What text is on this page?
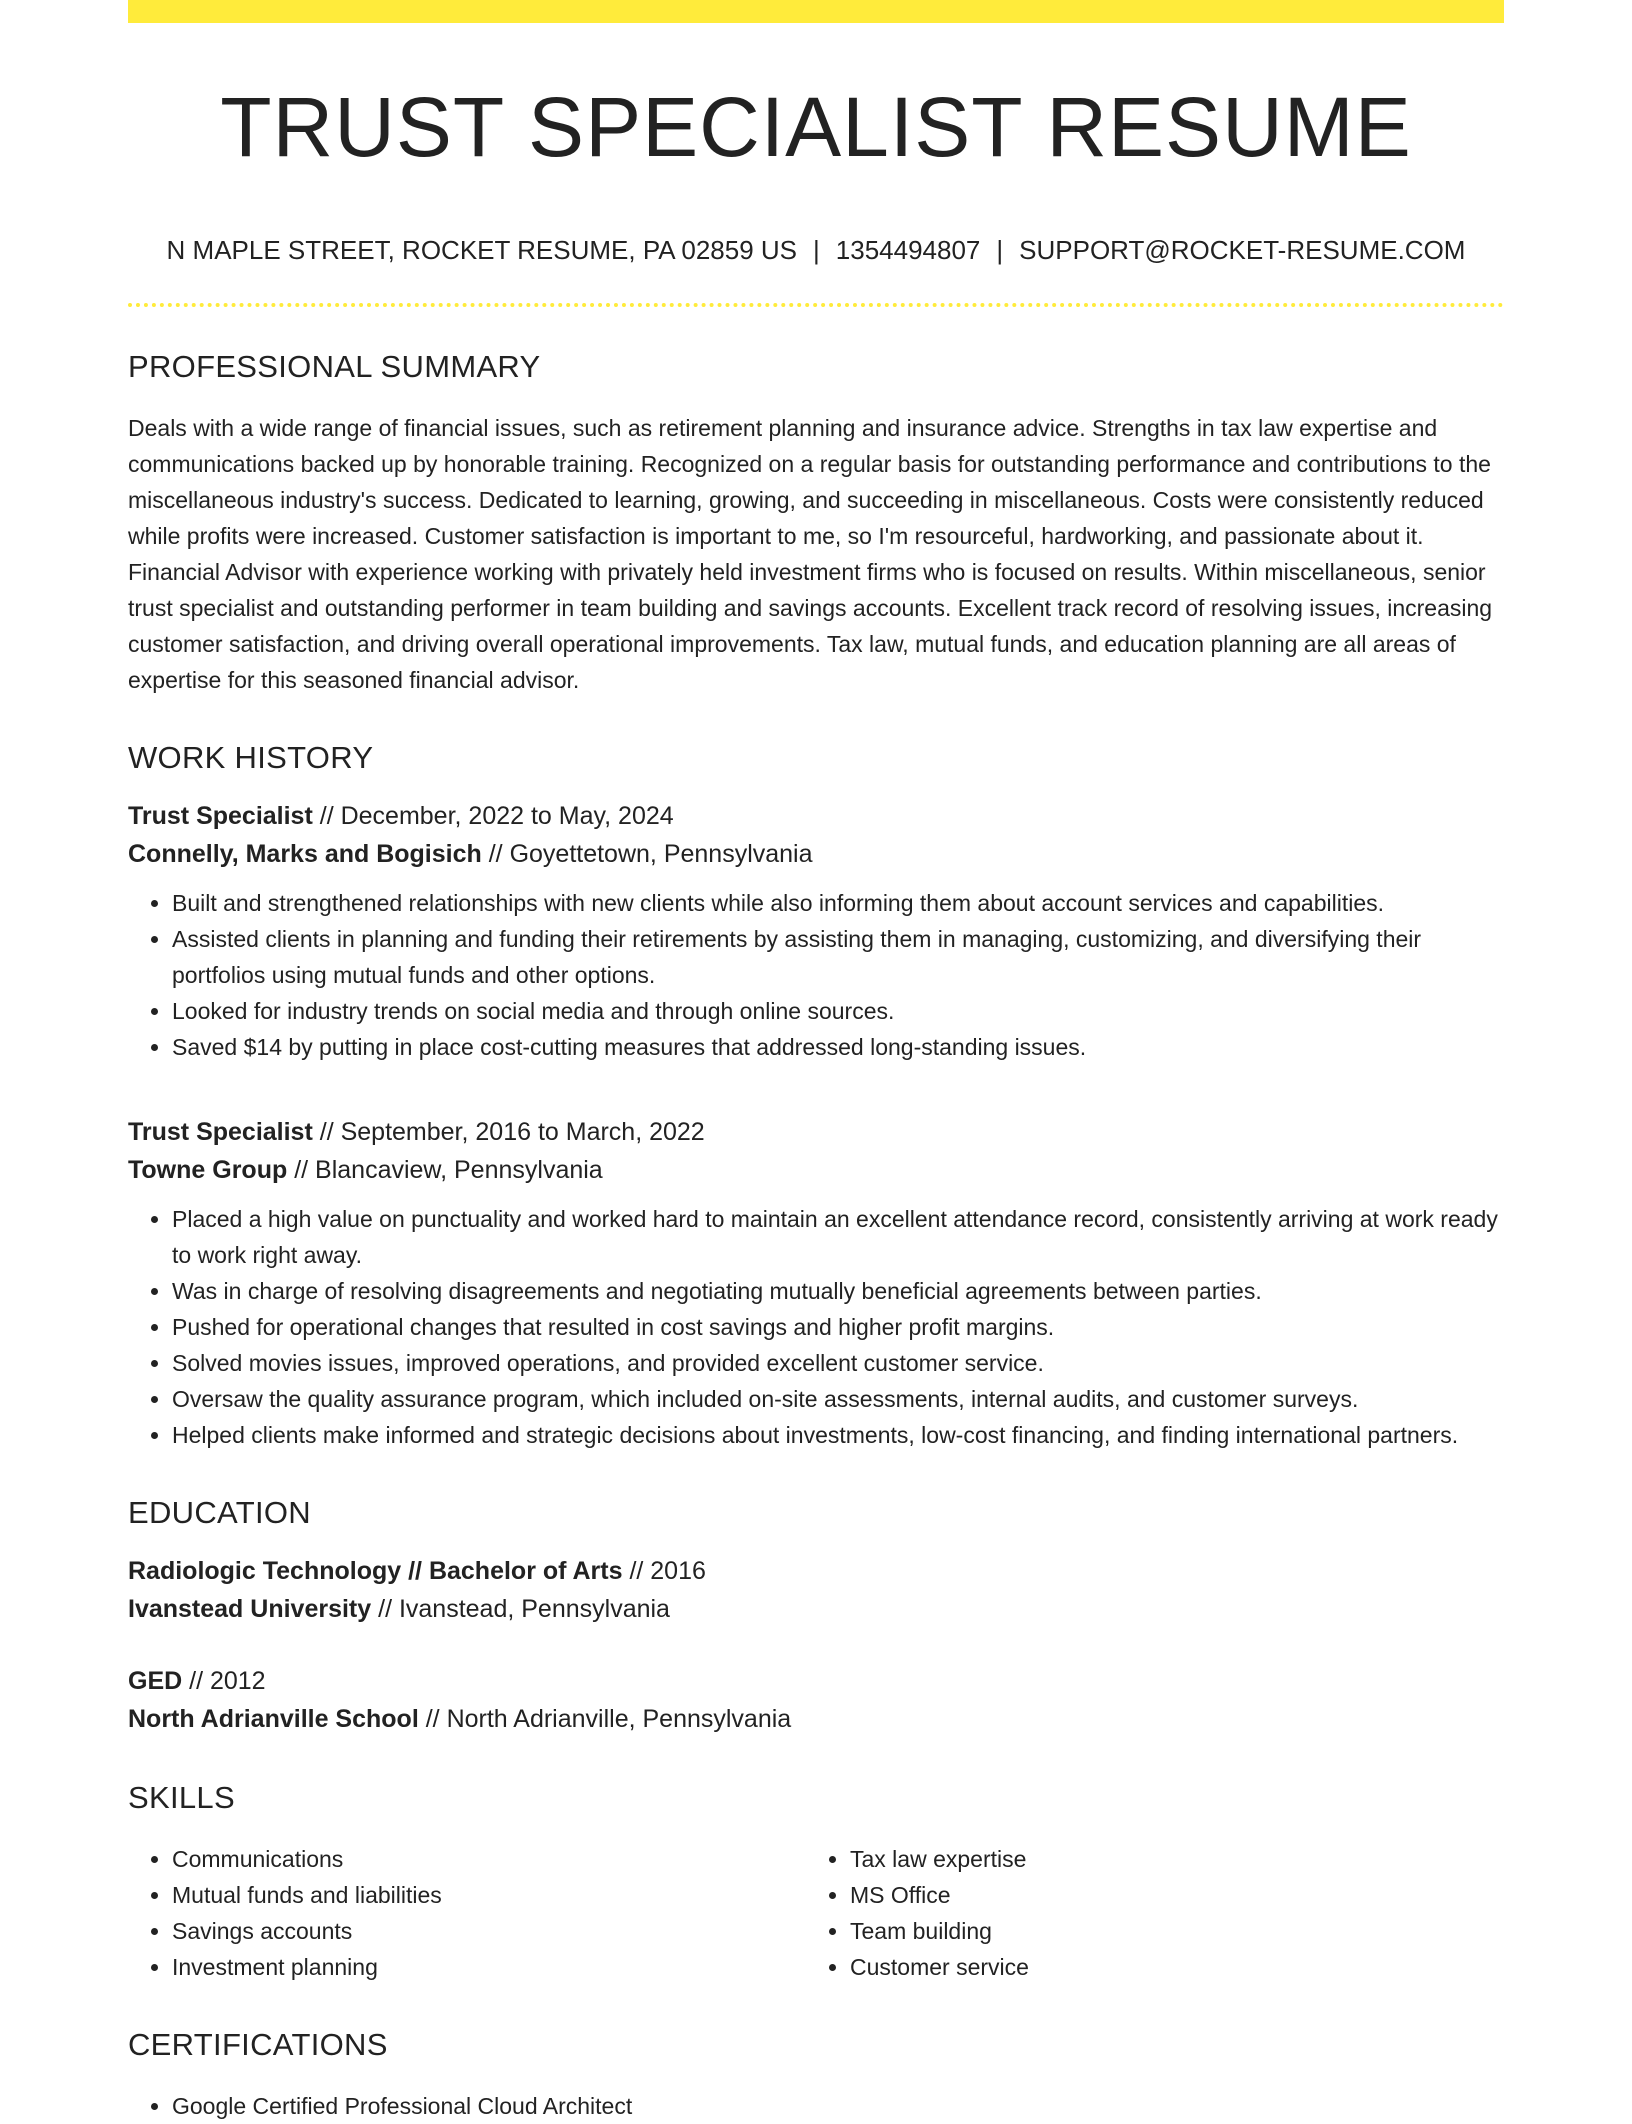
TRUST SPECIALIST RESUME
N MAPLE STREET, ROCKET RESUME, PA 02859 US | 1354494807 | SUPPORT@ROCKET-RESUME.COM
PROFESSIONAL SUMMARY

Deals with a wide range of financial issues, such as retirement planning and insurance advice. Strengths in tax law expertise and communications backed up by honorable training. Recognized on a regular basis for outstanding performance and contributions to the miscellaneous industry's success. Dedicated to learning, growing, and succeeding in miscellaneous. Costs were consistently reduced while profits were increased. Customer satisfaction is important to me, so I'm resourceful, hardworking, and passionate about it. Financial Advisor with experience working with privately held investment firms who is focused on results. Within miscellaneous, senior trust specialist and outstanding performer in team building and savings accounts. Excellent track record of resolving issues, increasing customer satisfaction, and driving overall operational improvements. Tax law, mutual funds, and education planning are all areas of expertise for this seasoned financial advisor.

WORK HISTORY
Trust Specialist // December, 2022 to May, 2024
Connelly, Marks and Bogisich // Goyettetown, Pennsylvania
• Built and strengthened relationships with new clients while also informing them about account services and capabilities.
• Assisted clients in planning and funding their retirements by assisting them in managing, customizing, and diversifying their portfolios using mutual funds and other options.
• Looked for industry trends on social media and through online sources.
• Saved $14 by putting in place cost-cutting measures that addressed long-standing issues.
Trust Specialist // September, 2016 to March, 2022
Towne Group // Blancaview, Pennsylvania
• Placed a high value on punctuality and worked hard to maintain an excellent attendance record, consistently arriving at work ready to work right away.
• Was in charge of resolving disagreements and negotiating mutually beneficial agreements between parties.
• Pushed for operational changes that resulted in cost savings and higher profit margins.
• Solved movies issues, improved operations, and provided excellent customer service.
• Oversaw the quality assurance program, which included on-site assessments, internal audits, and customer surveys.
• Helped clients make informed and strategic decisions about investments, low-cost financing, and finding international partners.
EDUCATION
Radiologic Technology // Bachelor of Arts // 2016
Ivanstead University // Ivanstead, Pennsylvania
GED // 2012
North Adrianville School // North Adrianville, Pennsylvania
SKILLS
• Communications
• Mutual funds and liabilities
• Savings accounts
• Investment planning
• Tax law expertise
• MS Office
• Team building
• Customer service
CERTIFICATIONS
• Google Certified Professional Cloud Architect
